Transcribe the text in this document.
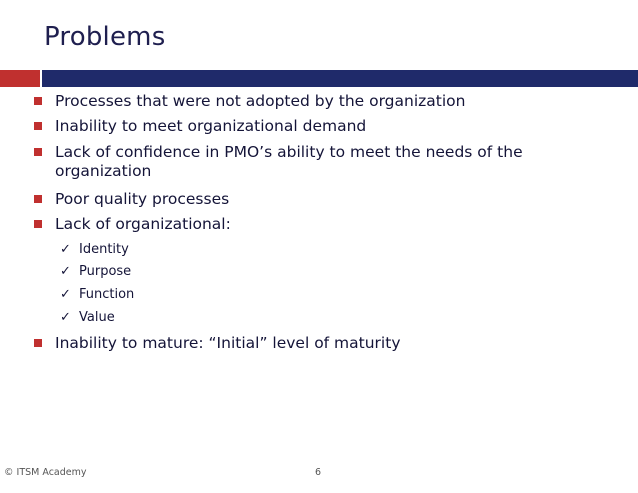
Problems
Processes that were not adopted by the organization
Inability to meet organizational demand
Lack of confidence in PMO’s ability to meet the needs of the organization
Poor quality processes
Lack of organizational:
✓ Identity
✓ Purpose
✓ Function
✓ Value
Inability to mature: “Initial” level of maturity
© ITSM Academy	6
